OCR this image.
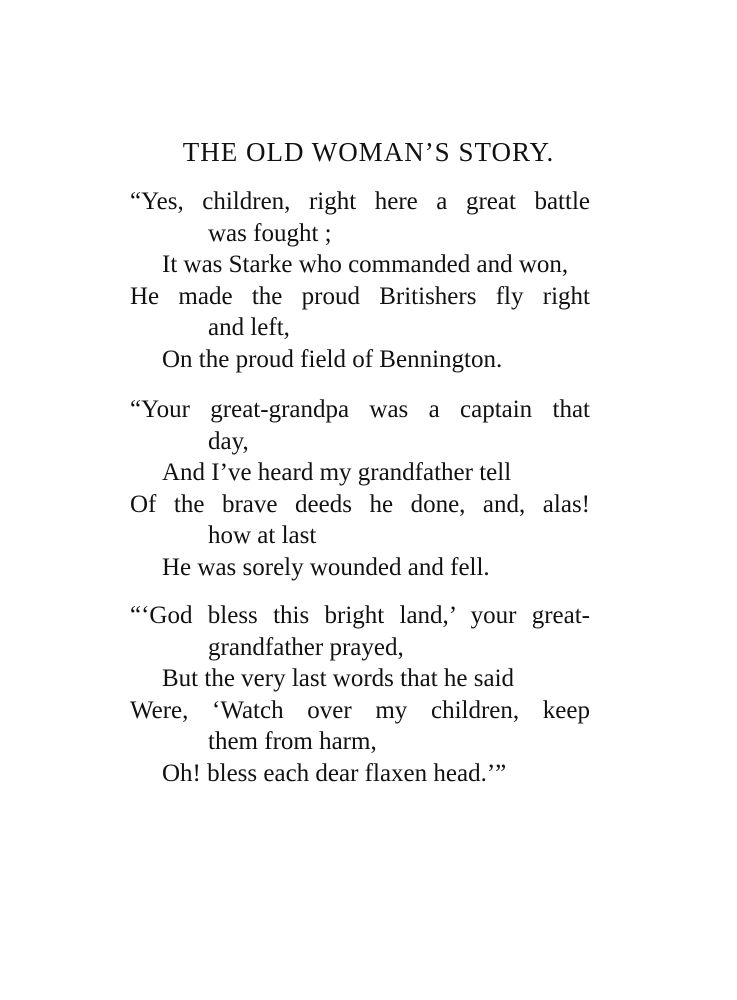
THE OLD WOMAN’S STORY.
“Yes, children, right here a great battle
was fought ;
It was Starke who commanded and won,
He made the proud Britishers fly right
and left,
On the proud field of Bennington.
“Your great-grandpa was a captain that
day,
And I’ve heard my grandfather tell
Of the brave deeds he done, and, alas!
how at last
He was sorely wounded and fell.
“‘God bless this bright land,’ your great-
grandfather prayed,
But the very last words that he said
Were, ‘Watch over my children, keep
them from harm,
Oh! bless each dear flaxen head.’”
